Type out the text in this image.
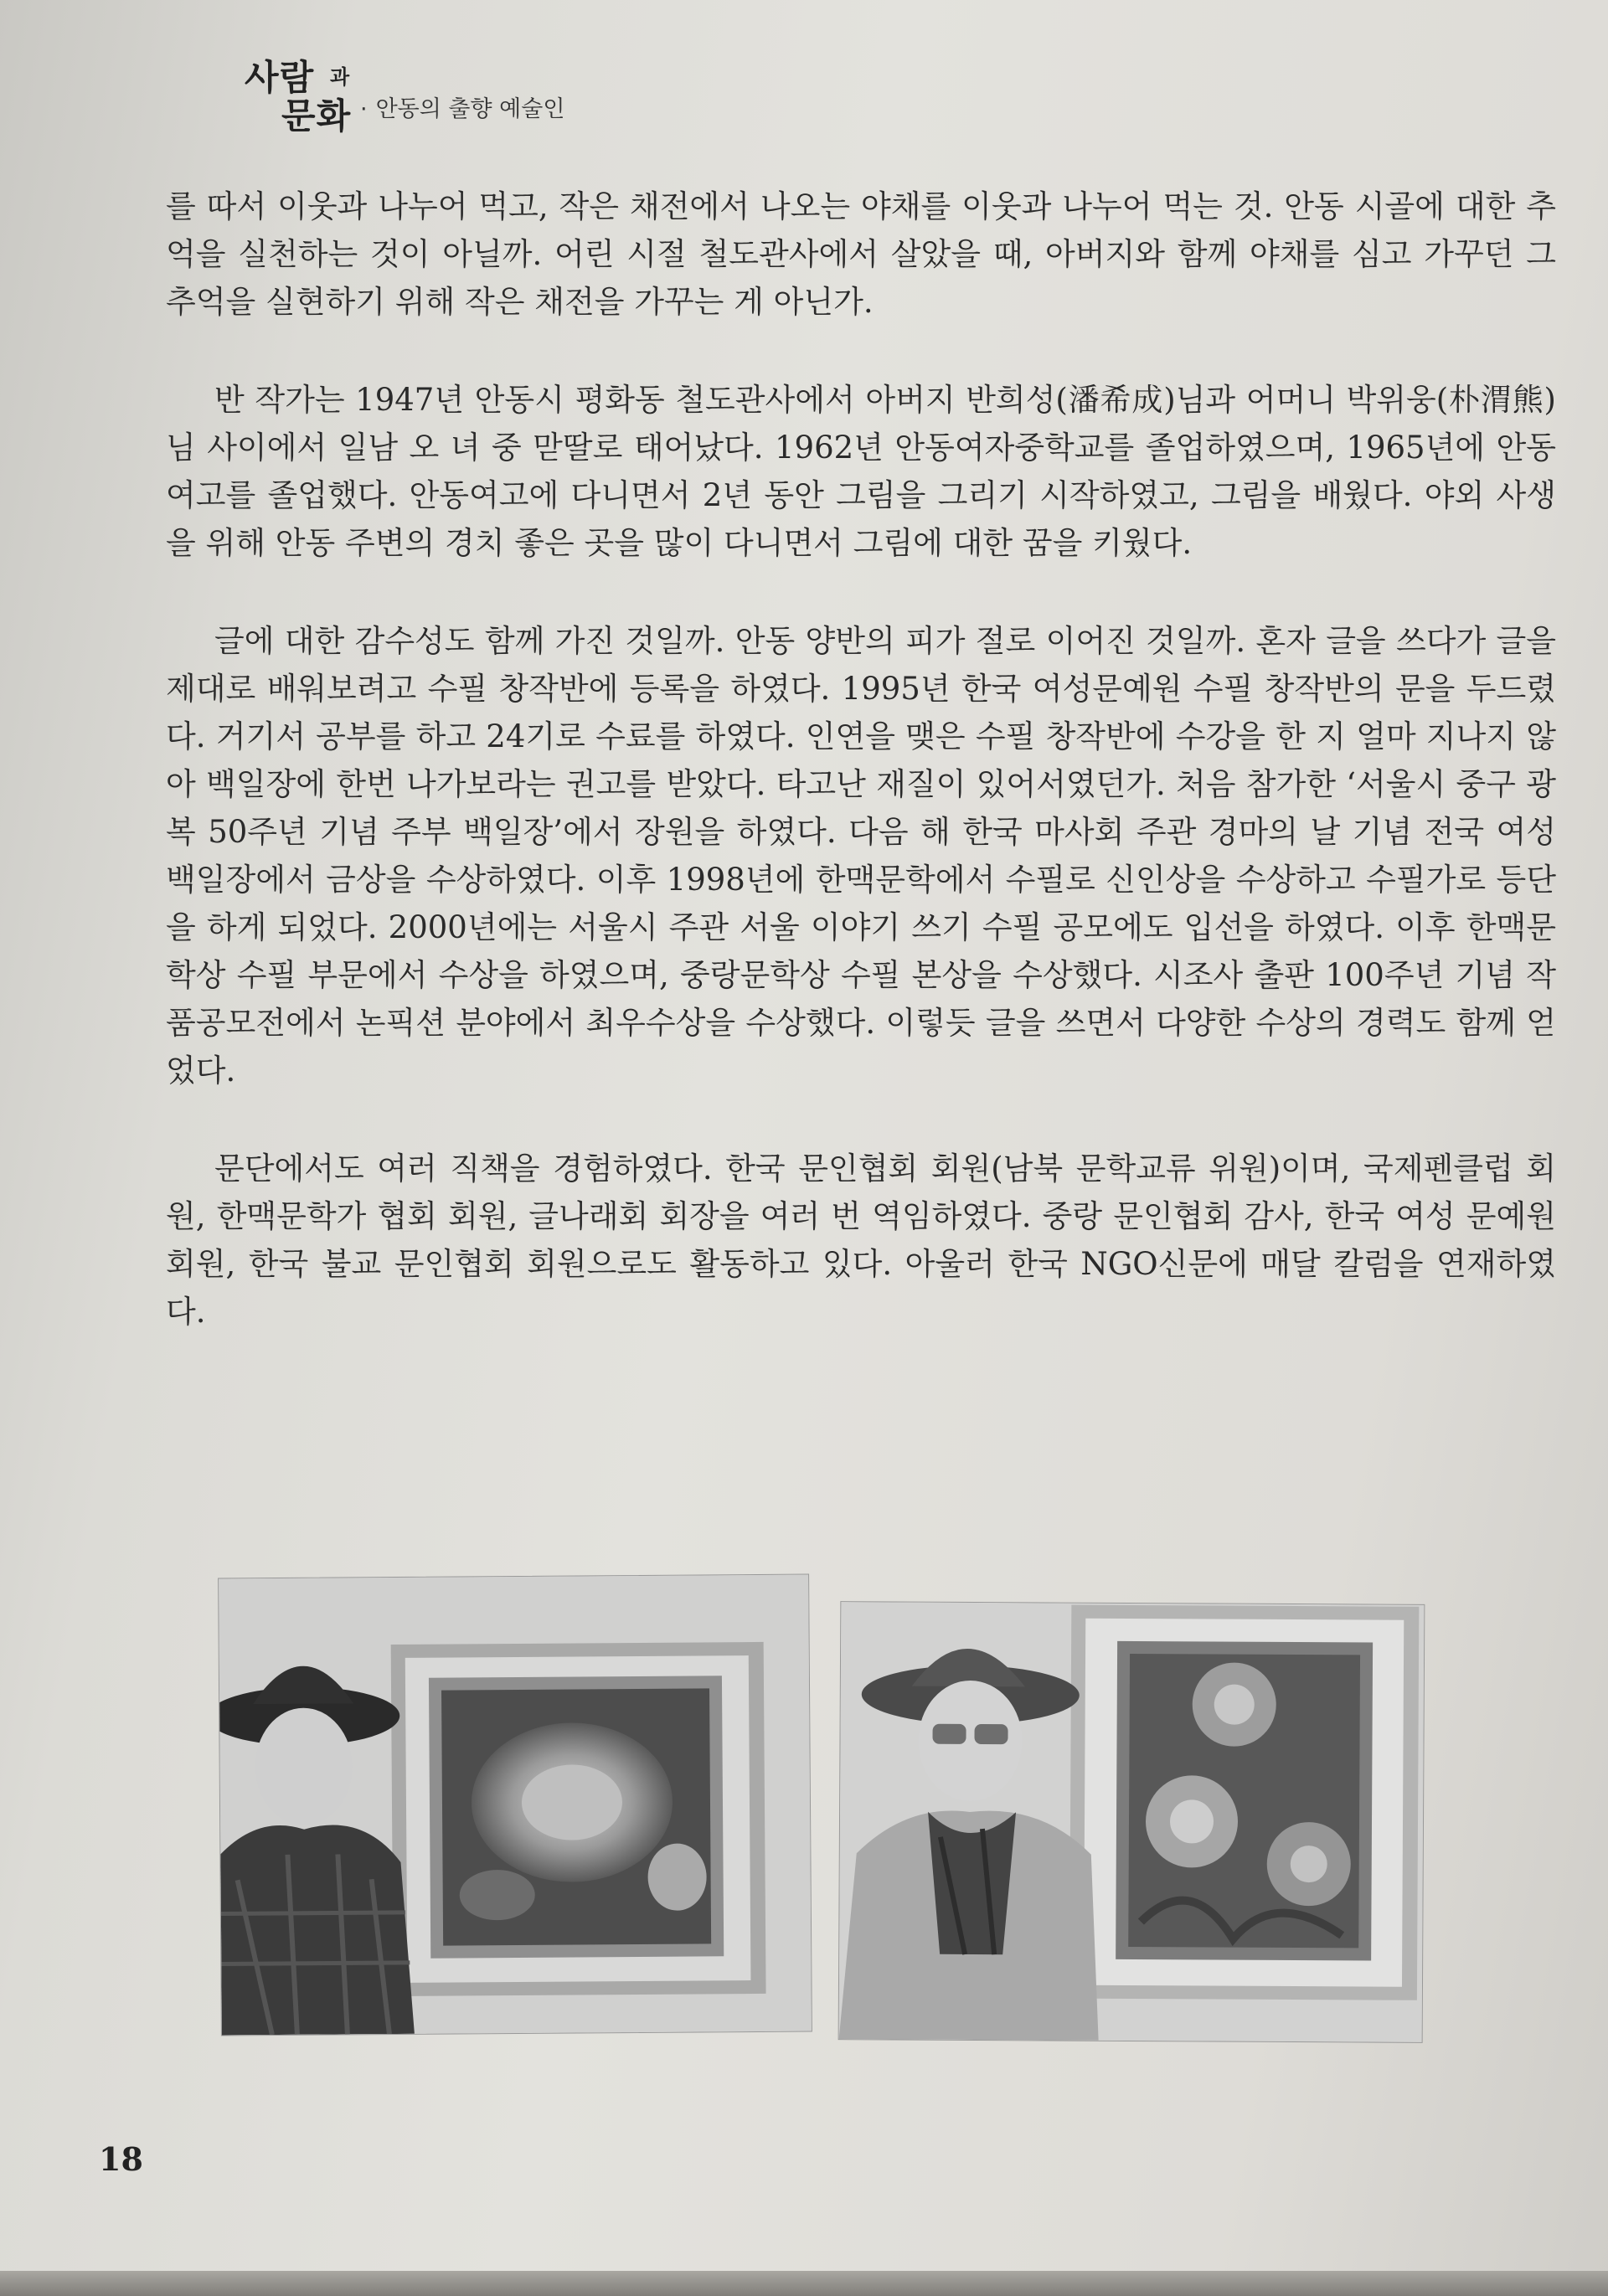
사람 과
문화 · 안동의 출향 예술인

를 따서 이웃과 나누어 먹고, 작은 채전에서 나오는 야채를 이웃과 나누어 먹는 것. 안동 시골에 대한 추억을 실천하는 것이 아닐까. 어린 시절 철도관사에서 살았을 때, 아버지와 함께 야채를 심고 가꾸던 그 추억을 실현하기 위해 작은 채전을 가꾸는 게 아닌가.

반 작가는 1947년 안동시 평화동 철도관사에서 아버지 반희성(潘希成)님과 어머니 박위웅(朴渭熊)님 사이에서 일남 오 녀 중 맏딸로 태어났다. 1962년 안동여자중학교를 졸업하였으며, 1965년에 안동여고를 졸업했다. 안동여고에 다니면서 2년 동안 그림을 그리기 시작하였고, 그림을 배웠다. 야외 사생을 위해 안동 주변의 경치 좋은 곳을 많이 다니면서 그림에 대한 꿈을 키웠다.

글에 대한 감수성도 함께 가진 것일까. 안동 양반의 피가 절로 이어진 것일까. 혼자 글을 쓰다가 글을 제대로 배워보려고 수필 창작반에 등록을 하였다. 1995년 한국 여성문예원 수필 창작반의 문을 두드렸다. 거기서 공부를 하고 24기로 수료를 하였다. 인연을 맺은 수필 창작반에 수강을 한 지 얼마 지나지 않아 백일장에 한번 나가보라는 권고를 받았다. 타고난 재질이 있어서였던가. 처음 참가한 ‘서울시 중구 광복 50주년 기념 주부 백일장’에서 장원을 하였다. 다음 해 한국 마사회 주관 경마의 날 기념 전국 여성 백일장에서 금상을 수상하였다. 이후 1998년에 한맥문학에서 수필로 신인상을 수상하고 수필가로 등단을 하게 되었다. 2000년에는 서울시 주관 서울 이야기 쓰기 수필 공모에도 입선을 하였다. 이후 한맥문학상 수필 부문에서 수상을 하였으며, 중랑문학상 수필 본상을 수상했다. 시조사 출판 100주년 기념 작품공모전에서 논픽션 분야에서 최우수상을 수상했다. 이렇듯 글을 쓰면서 다양한 수상의 경력도 함께 얻었다.

문단에서도 여러 직책을 경험하였다. 한국 문인협회 회원(남북 문학교류 위원)이며, 국제펜클럽 회원, 한맥문학가 협회 회원, 글나래회 회장을 여러 번 역임하였다. 중랑 문인협회 감사, 한국 여성 문예원 회원, 한국 불교 문인협회 회원으로도 활동하고 있다. 아울러 한국 NGO신문에 매달 칼럼을 연재하였다.

18
